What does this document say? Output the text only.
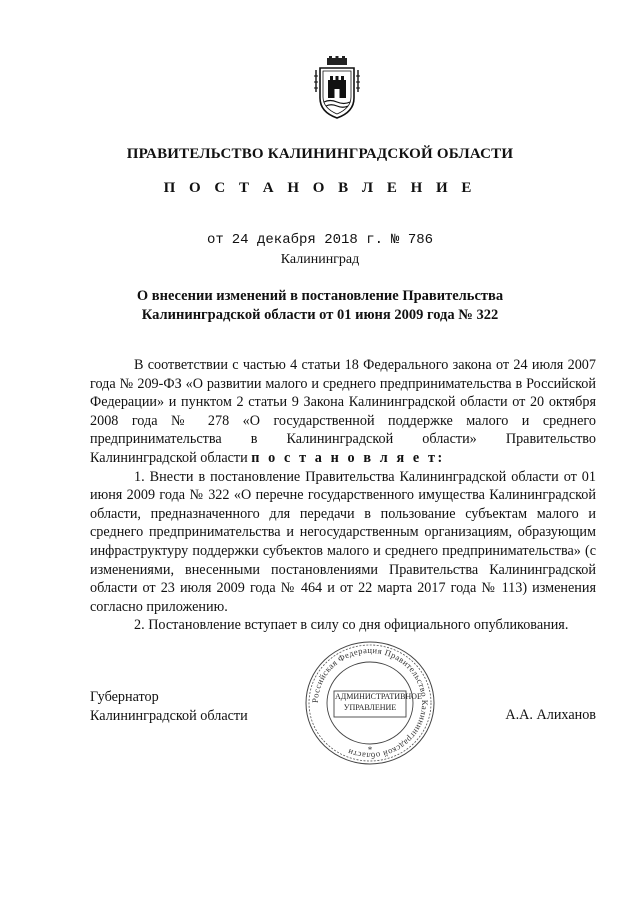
ПРАВИТЕЛЬСТВО КАЛИНИНГРАДСКОЙ ОБЛАСТИ
П О С Т А Н О В Л Е Н И Е
от 24 декабря 2018 г. № 786
Калининград
О внесении изменений в постановление Правительства
Калининградской области от 01 июня 2009 года № 322

В соответствии с частью 4 статьи 18 Федерального закона от 24 июля 2007 года № 209-ФЗ «О развитии малого и среднего предпринимательства в Российской Федерации» и пунктом 2 статьи 9 Закона Калининградской области от 20 октября 2008 года № 278 «О государственной поддержке малого и среднего предпринимательства в Калининградской области» Правительство Калининградской области п о с т а н о в л я е т:

1. Внести в постановление Правительства Калининградской области от 01 июня 2009 года № 322 «О перечне государственного имущества Калининградской области, предназначенного для передачи в пользование субъектам малого и среднего предпринимательства и негосударственным организациям, образующим инфраструктуру поддержки субъектов малого и среднего предпринимательства» (с изменениями, внесенными постановлениями Правительства Калининградской области от 23 июля 2009 года № 464 и от 22 марта 2017 года № 113) изменения согласно приложению.

2. Постановление вступает в силу со дня официального опубликования.

Губернатор
Калининградской области
Российская Федерация Правительство Калининградской области	*
АДМИНИСТРАТИВНОЕ
УПРАВЛЕНИЕ	А.А. Алиханов
